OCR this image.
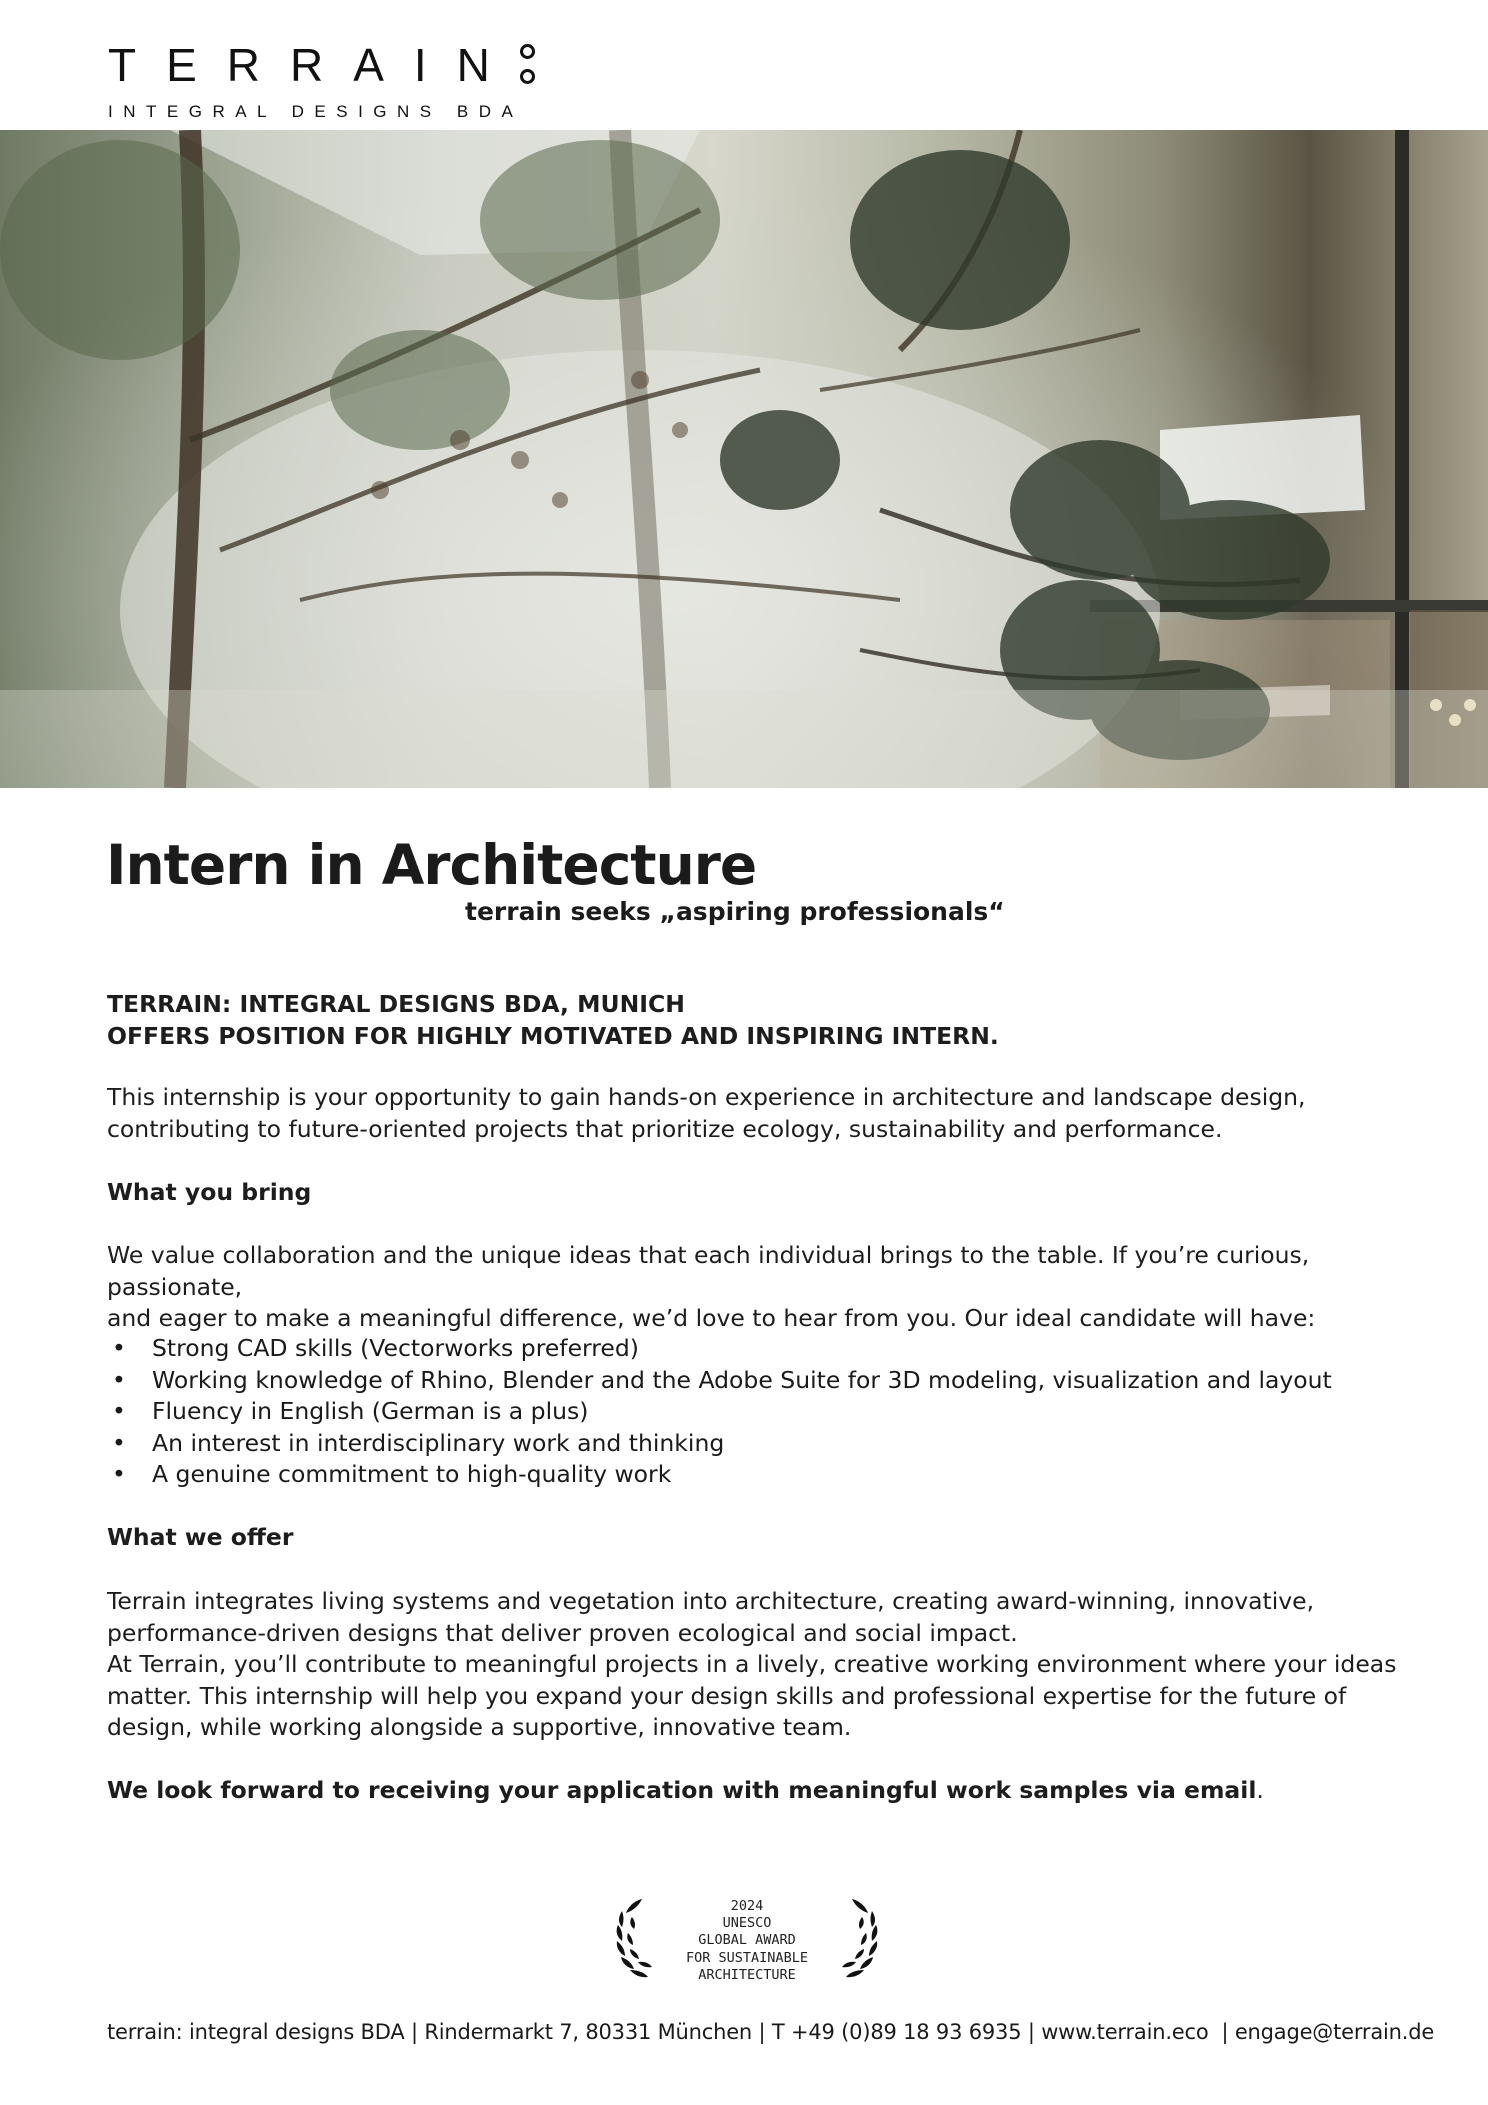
TERRAIN
INTEGRAL DESIGNS BDA
Intern in Architecture
terrain seeks „aspiring professionals“
TERRAIN: INTEGRAL DESIGNS BDA, MUNICH
OFFERS POSITION FOR HIGHLY MOTIVATED AND INSPIRING INTERN.
This internship is your opportunity to gain hands-on experience in architecture and landscape design,
contributing to future-oriented projects that prioritize ecology, sustainability and performance.
What you bring
We value collaboration and the unique ideas that each individual brings to the table. If you’re curious, passionate,
and eager to make a meaningful difference, we’d love to hear from you. Our ideal candidate will have:
• Strong CAD skills (Vectorworks preferred)
• Working knowledge of Rhino, Blender and the Adobe Suite for 3D modeling, visualization and layout
• Fluency in English (German is a plus)
• An interest in interdisciplinary work and thinking
• A genuine commitment to high-quality work
What we offer
Terrain integrates living systems and vegetation into architecture, creating award-winning, innovative,
performance-driven designs that deliver proven ecological and social impact.
At Terrain, you’ll contribute to meaningful projects in a lively, creative working environment where your ideas
matter. This internship will help you expand your design skills and professional expertise for the future of
design, while working alongside a supportive, innovative team.
We look forward to receiving your application with meaningful work samples via email.
2024
UNESCO
GLOBAL AWARD
FOR SUSTAINABLE
ARCHITECTURE
terrain: integral designs BDA | Rindermarkt 7, 80331 München | T +49 (0)89 18 93 6935 | www.terrain.eco  | engage@terrain.de
